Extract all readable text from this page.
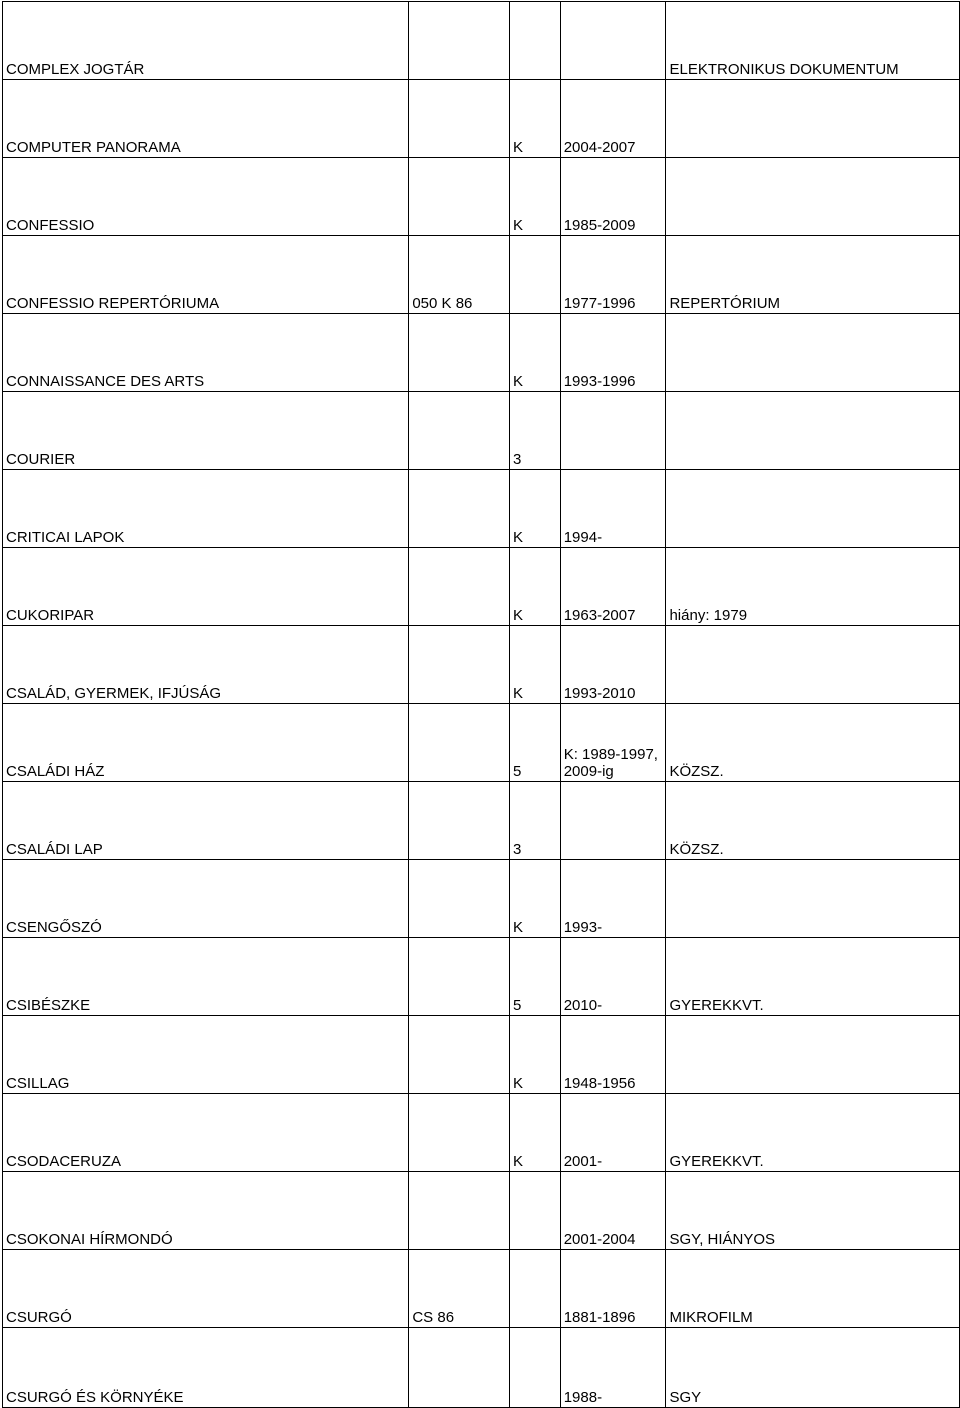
COMPLEX JOGTÁR				ELEKTRONIKUS DOKUMENTUM
COMPUTER PANORAMA		K	2004-2007	
CONFESSIO		K	1985-2009	
CONFESSIO REPERTÓRIUMA	050 K 86		1977-1996	REPERTÓRIUM
CONNAISSANCE DES ARTS		K	1993-1996	
COURIER		3		
CRITICAI LAPOK		K	1994-	
CUKORIPAR		K	1963-2007	hiány: 1979
CSALÁD, GYERMEK, IFJÚSÁG		K	1993-2010	
CSALÁDI HÁZ		5	K: 1989-1997, 2009-ig	KÖZSZ.
CSALÁDI LAP		3		KÖZSZ.
CSENGŐSZÓ		K	1993-	
CSIBÉSZKE		5	2010-	GYEREKKVT.
CSILLAG		K	1948-1956	
CSODACERUZA		K	2001-	GYEREKKVT.
CSOKONAI HÍRMONDÓ			2001-2004	SGY, HIÁNYOS
CSURGÓ	CS 86		1881-1896	MIKROFILM
CSURGÓ ÉS KÖRNYÉKE			1988-	SGY
